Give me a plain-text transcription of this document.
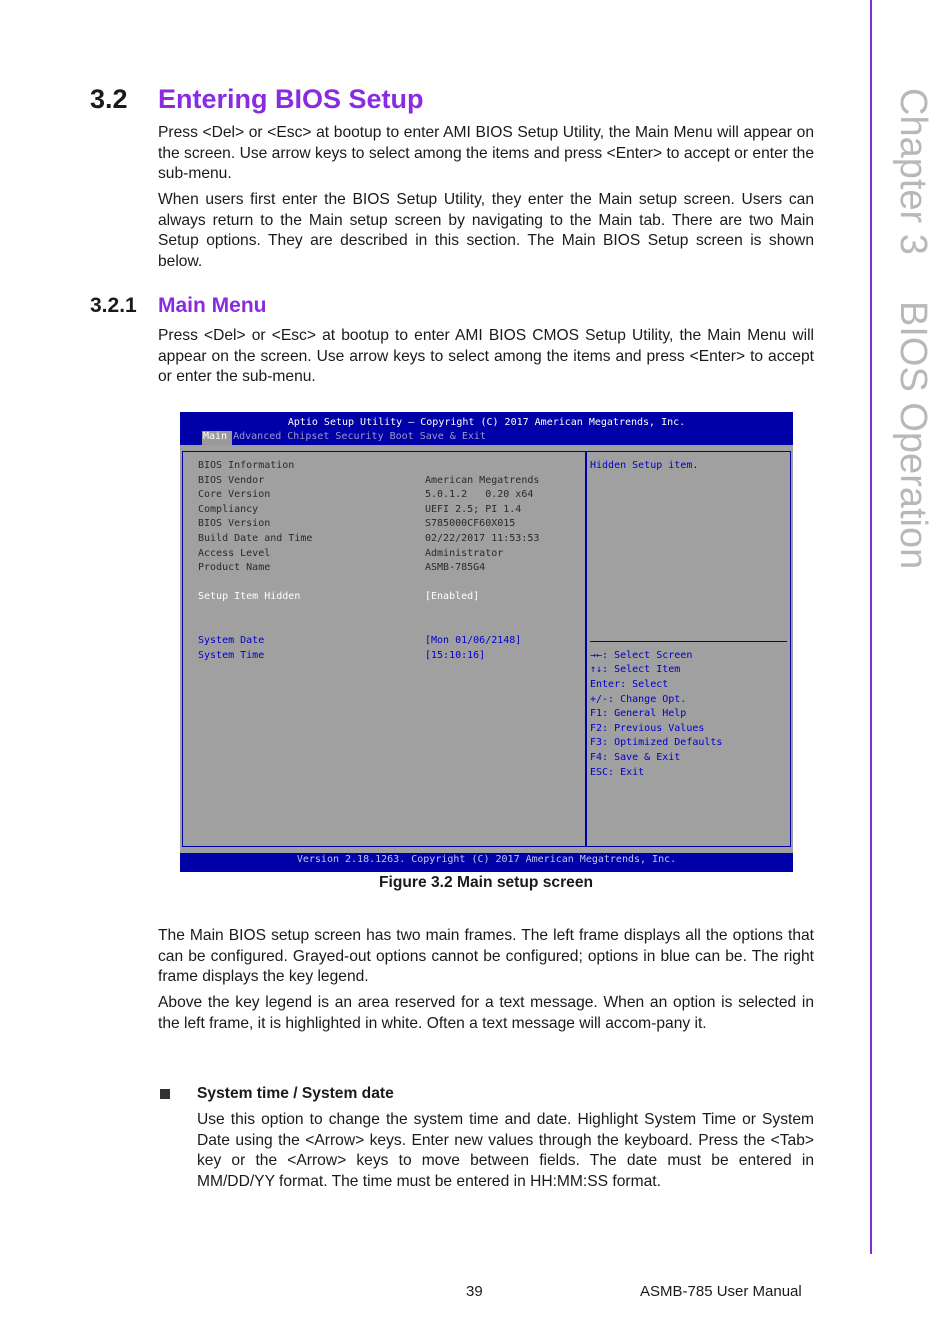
Chapter 3BIOS Operation
3.2 Entering BIOS Setup
Press <Del> or <Esc> at bootup to enter AMI BIOS Setup Utility, the Main Menu will appear on the screen. Use arrow keys to select among the items and press <Enter> to accept or enter the sub-menu.
When users first enter the BIOS Setup Utility, they enter the Main setup screen. Users can always return to the Main setup screen by navigating to the Main tab. There are two Main Setup options. They are described in this section. The Main BIOS Setup screen is shown below.
3.2.1 Main Menu
Press <Del> or <Esc> at bootup to enter AMI BIOS CMOS Setup Utility, the Main Menu will appear on the screen. Use arrow keys to select among the items and press <Enter> to accept or enter the sub-menu.
Aptio Setup Utility – Copyright (C) 2017 American Megatrends, Inc.
Main Advanced Chipset Security Boot Save & Exit
BIOS Information
BIOS Vendor	American Megatrends
Core Version	5.0.1.2   0.20 x64
Compliancy	UEFI 2.5; PI 1.4
BIOS Version	S785000CF60X015
Build Date and Time	02/22/2017 11:53:53
Access Level	Administrator
Product Name	ASMB-785G4
Setup Item Hidden	[Enabled]
System Date	[Mon 01/06/2148]
System Time	[15:10:16]
Hidden Setup item.
→←: Select Screen
↑↓: Select Item
Enter: Select
+/-: Change Opt.
F1: General Help
F2: Previous Values
F3: Optimized Defaults
F4: Save & Exit
ESC: Exit
Version 2.18.1263. Copyright (C) 2017 American Megatrends, Inc.
Figure 3.2 Main setup screen
The Main BIOS setup screen has two main frames. The left frame displays all the options that can be configured. Grayed-out options cannot be configured; options in blue can be. The right frame displays the key legend.
Above the key legend is an area reserved for a text message. When an option is selected in the left frame, it is highlighted in white. Often a text message will accom-pany it.
System time / System date
Use this option to change the system time and date. Highlight System Time or System Date using the <Arrow> keys. Enter new values through the keyboard. Press the <Tab> key or the <Arrow> keys to move between fields. The date must be entered in MM/DD/YY format. The time must be entered in HH:MM:SS format.
39	ASMB-785 User Manual
